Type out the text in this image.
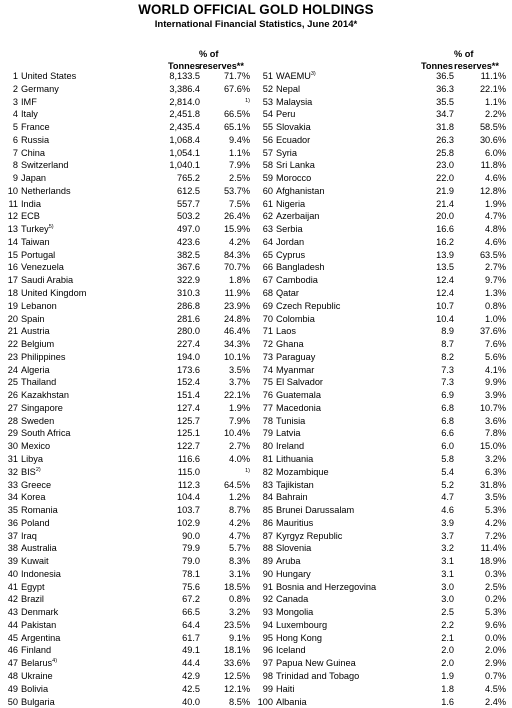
WORLD OFFICIAL GOLD HOLDINGS
International Financial Statistics, June 2014*
Tonnes
% of
reserves**	Tonnes
% of
reserves**
1 United States	8,133.5	71.7%
2 Germany	3,386.4	67.6%
3 IMF	2,814.0	1)
4 Italy	2,451.8	66.5%
5 France	2,435.4	65.1%
6 Russia	1,068.4	9.4%
7 China	1,054.1	1.1%
8 Switzerland	1,040.1	7.9%
9 Japan	765.2	2.5%
10 Netherlands	612.5	53.7%
11 India	557.7	7.5%
12 ECB	503.2	26.4%
13 Turkey$^{5)}$	497.0	15.9%
14 Taiwan	423.6	4.2%
15 Portugal	382.5	84.3%
16 Venezuela	367.6	70.7%
17 Saudi Arabia	322.9	1.8%
18 United Kingdom	310.3	11.9%
19 Lebanon	286.8	23.9%
20 Spain	281.6	24.8%
21 Austria	280.0	46.4%
22 Belgium	227.4	34.3%
23 Philippines	194.0	10.1%
24 Algeria	173.6	3.5%
25 Thailand	152.4	3.7%
26 Kazakhstan	151.4	22.1%
27 Singapore	127.4	1.9%
28 Sweden	125.7	7.9%
29 South Africa	125.1	10.4%
30 Mexico	122.7	2.7%
31 Libya	116.6	4.0%
32 BIS$^{2)}$	115.0	1)
33 Greece	112.3	64.5%
34 Korea	104.4	1.2%
35 Romania	103.7	8.7%
36 Poland	102.9	4.2%
37 Iraq	90.0	4.7%
38 Australia	79.9	5.7%
39 Kuwait	79.0	8.3%
40 Indonesia	78.1	3.1%
41 Egypt	75.6	18.5%
42 Brazil	67.2	0.8%
43 Denmark	66.5	3.2%
44 Pakistan	64.4	23.5%
45 Argentina	61.7	9.1%
46 Finland	49.1	18.1%
47 Belarus$^{4)}$	44.4	33.6%
48 Ukraine	42.9	12.5%
49 Bolivia	42.5	12.1%
50 Bulgaria	40.0	8.5%
51 WAEMU$^{3)}$	36.5	11.1%
52 Nepal	36.3	22.1%
53 Malaysia	35.5	1.1%
54 Peru	34.7	2.2%
55 Slovakia	31.8	58.5%
56 Ecuador	26.3	30.6%
57 Syria	25.8	6.0%
58 Sri Lanka	23.0	11.8%
59 Morocco	22.0	4.6%
60 Afghanistan	21.9	12.8%
61 Nigeria	21.4	1.9%
62 Azerbaijan	20.0	4.7%
63 Serbia	16.6	4.8%
64 Jordan	16.2	4.6%
65 Cyprus	13.9	63.5%
66 Bangladesh	13.5	2.7%
67 Cambodia	12.4	9.7%
68 Qatar	12.4	1.3%
69 Czech Republic	10.7	0.8%
70 Colombia	10.4	1.0%
71 Laos	8.9	37.6%
72 Ghana	8.7	7.6%
73 Paraguay	8.2	5.6%
74 Myanmar	7.3	4.1%
75 El Salvador	7.3	9.9%
76 Guatemala	6.9	3.9%
77 Macedonia	6.8	10.7%
78 Tunisia	6.8	3.6%
79 Latvia	6.6	7.8%
80 Ireland	6.0	15.0%
81 Lithuania	5.8	3.2%
82 Mozambique	5.4	6.3%
83 Tajikistan	5.2	31.8%
84 Bahrain	4.7	3.5%
85 Brunei Darussalam	4.6	5.3%
86 Mauritius	3.9	4.2%
87 Kyrgyz Republic	3.7	7.2%
88 Slovenia	3.2	11.4%
89 Aruba	3.1	18.9%
90 Hungary	3.1	0.3%
91 Bosnia and Herzegovina	3.0	2.5%
92 Canada	3.0	0.2%
93 Mongolia	2.5	5.3%
94 Luxembourg	2.2	9.6%
95 Hong Kong	2.1	0.0%
96 Iceland	2.0	2.0%
97 Papua New Guinea	2.0	2.9%
98 Trinidad and Tobago	1.9	0.7%
99 Haiti	1.8	4.5%
100 Albania	1.6	2.4%
